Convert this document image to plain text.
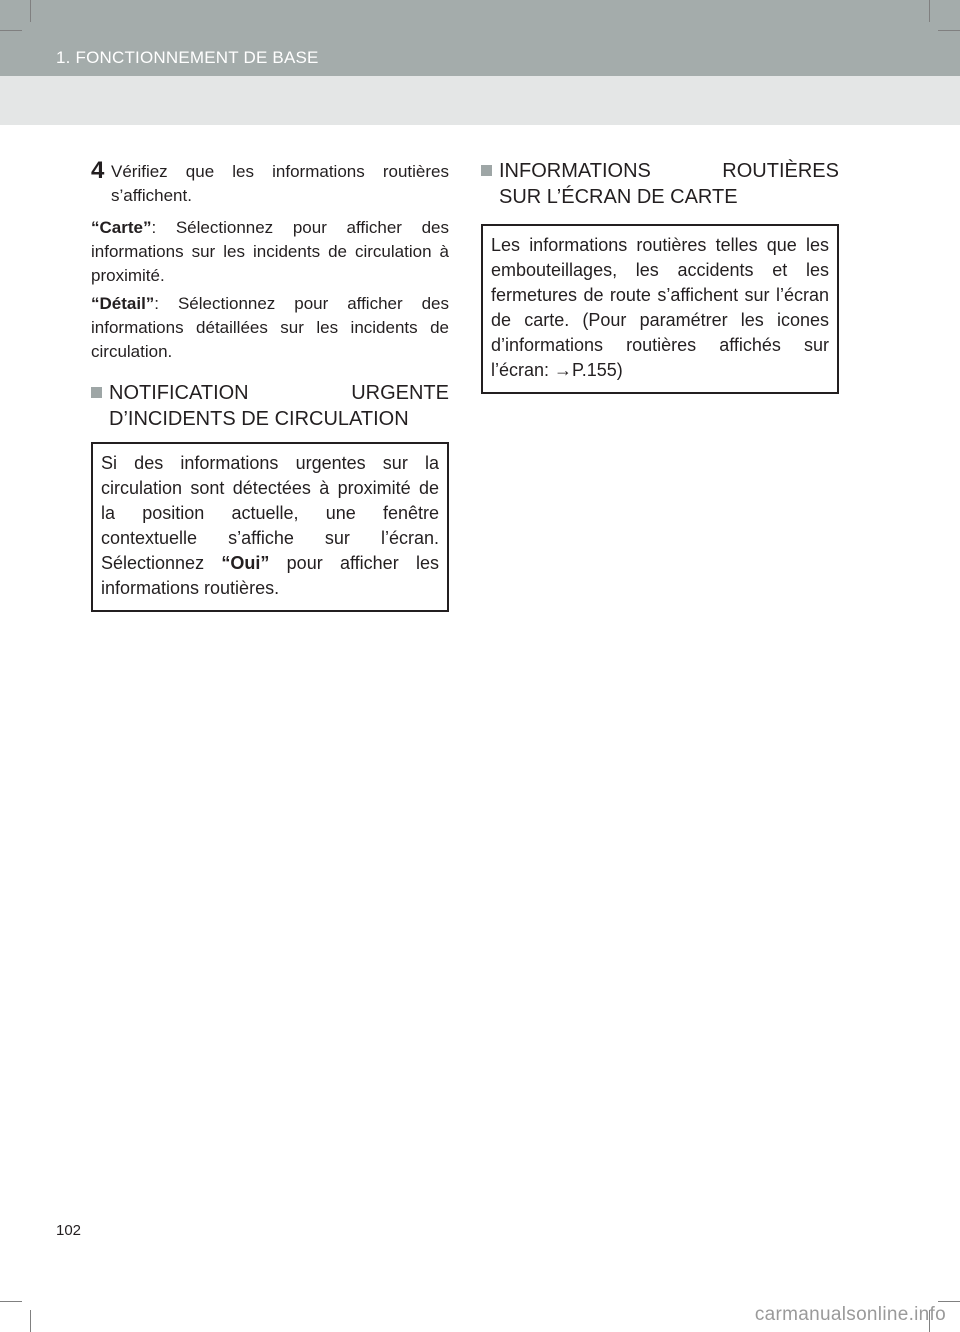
1. FONCTIONNEMENT DE BASE
4 Vérifiez que les informations routières s’affichent.

“Carte”: Sélectionnez pour afficher des informations sur les incidents de circulation à proximité.

“Détail”: Sélectionnez pour afficher des informations détaillées sur les incidents de circulation.

NOTIFICATION URGENTE
D’INCIDENTS DE CIRCULATION
Si des informations urgentes sur la circulation sont détectées à proximité de la position actuelle, une fenêtre contextuelle s’affiche sur l’écran. Sélectionnez “Oui” pour afficher les informations routières.
INFORMATIONS ROUTIÈRES
SUR L’ÉCRAN DE CARTE
Les informations routières telles que les embouteillages, les accidents et les fermetures de route s’affichent sur l’écran de carte. (Pour paramétrer les icones d’informations routières affichés sur l’écran: →P.155)
102
carmanualsonline.info
